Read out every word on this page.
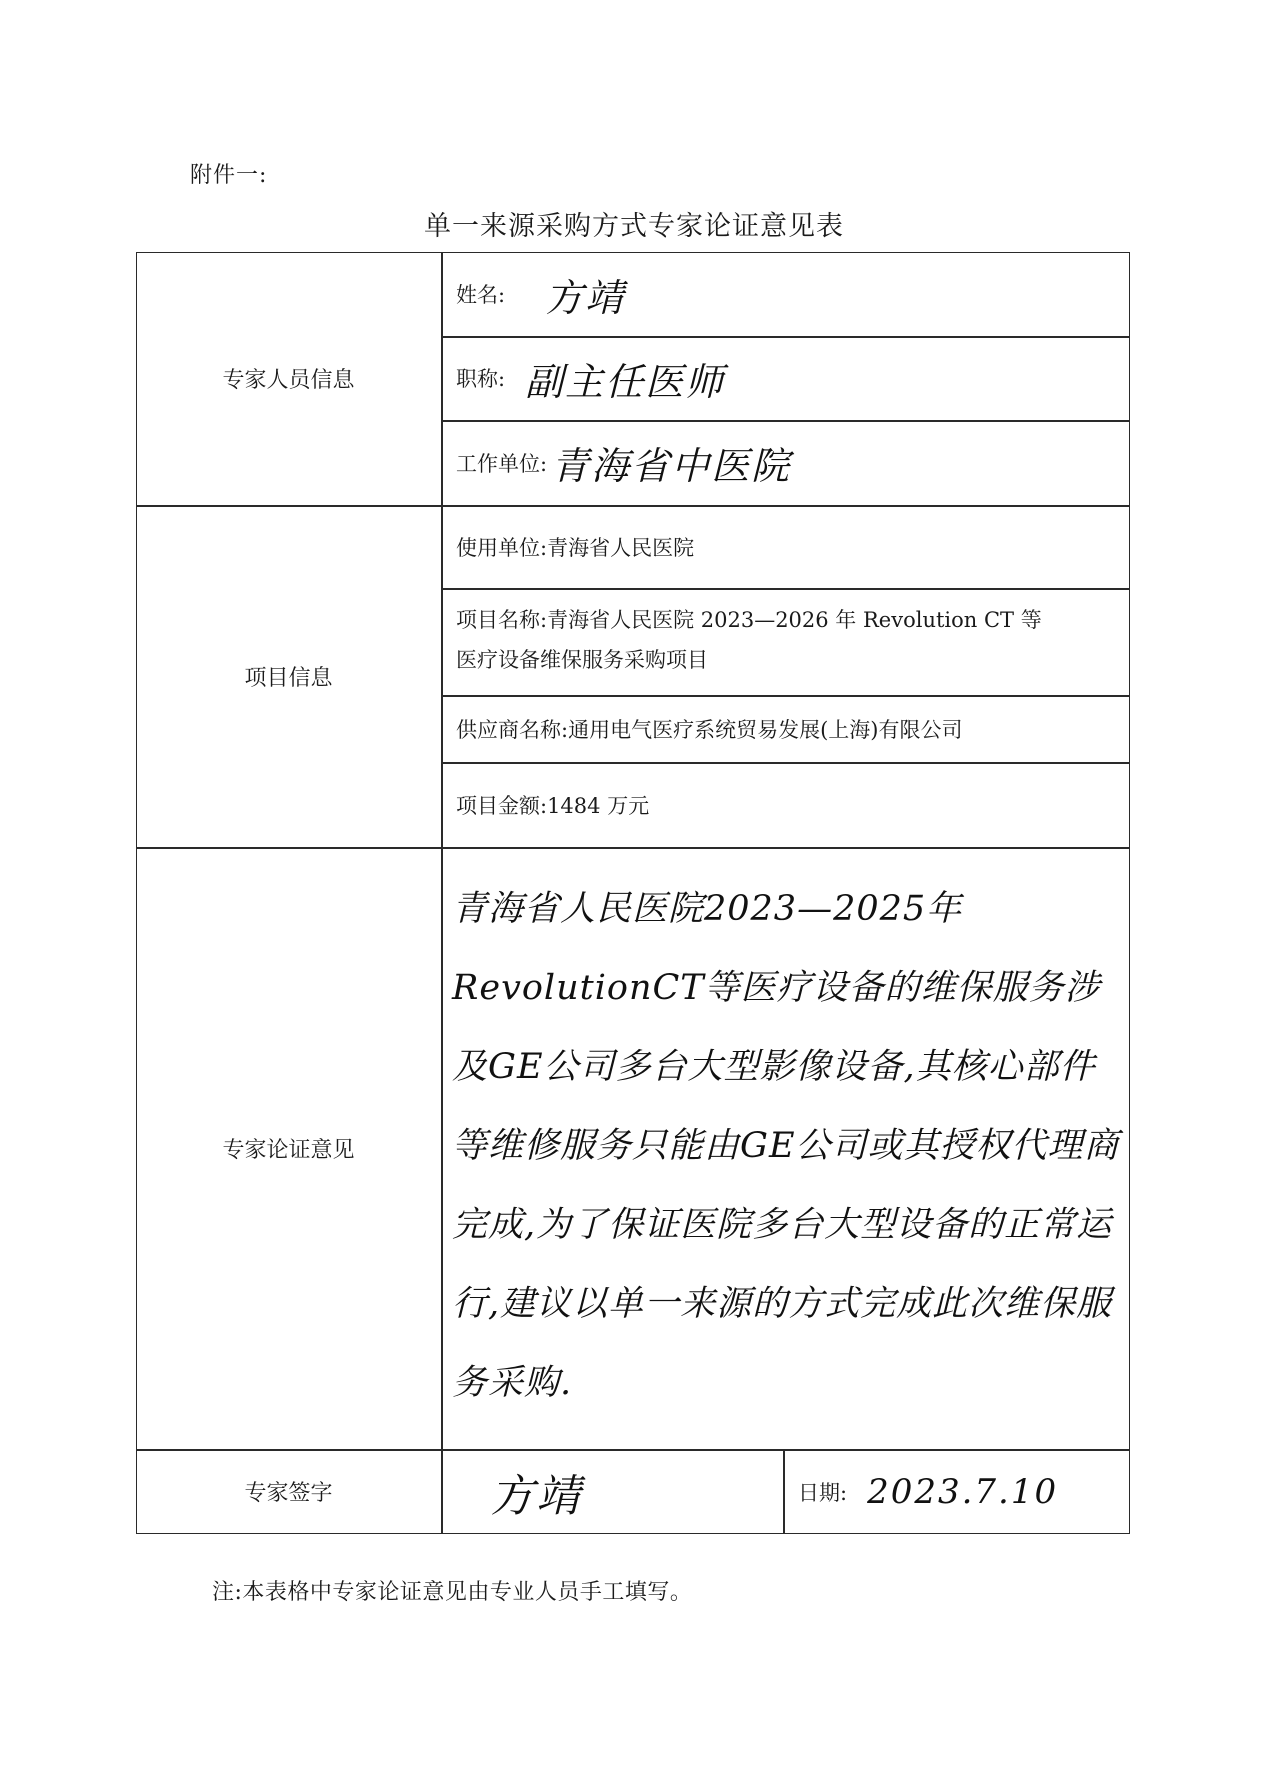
附件一:
单一来源采购方式专家论证意见表
专家人员信息
姓名: 方靖
职称: 副主任医师
工作单位: 青海省中医院
项目信息
使用单位:青海省人民医院
项目名称:青海省人民医院 2023—2026 年 Revolution CT 等
医疗设备维保服务采购项目
供应商名称:通用电气医疗系统贸易发展(上海)有限公司
项目金额:1484 万元
专家论证意见
青海省人民医院2023—2025年RevolutionCT等医疗设备的维保服务涉及GE公司多台大型影像设备,其核心部件等维修服务只能由GE公司或其授权代理商完成,为了保证医院多台大型设备的正常运行,建议以单一来源的方式完成此次维保服务采购.
专家签字	方靖	日期: 2023.7.10
注:本表格中专家论证意见由专业人员手工填写。
